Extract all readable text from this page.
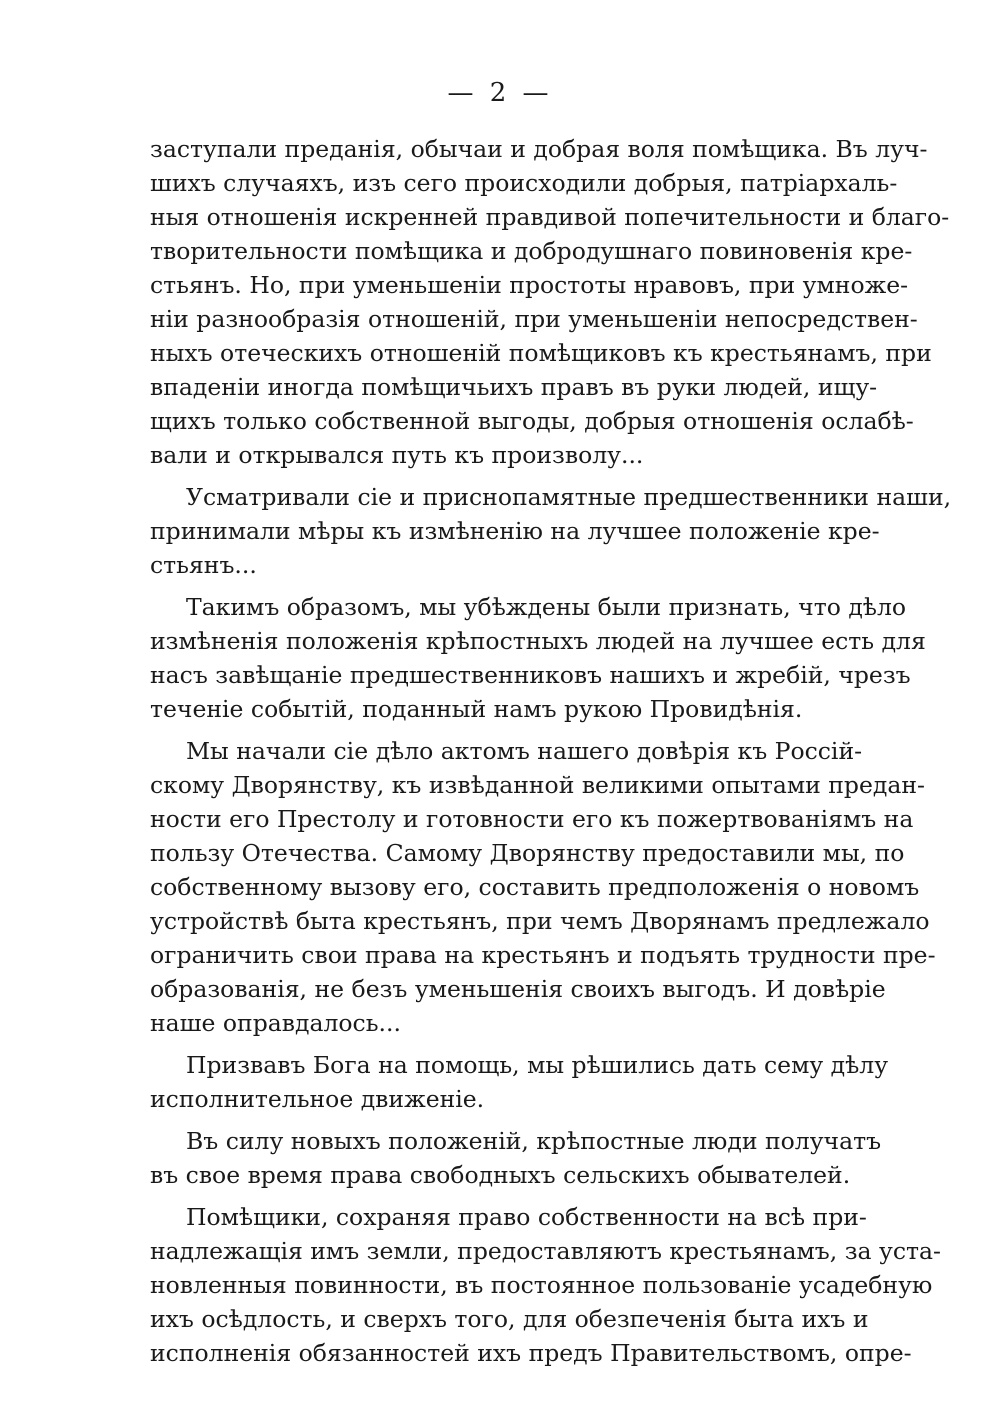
— 2 —
заступали преданія, обычаи и добрая воля помѣщика. Въ луч-
шихъ случаяхъ, изъ сего происходили добрыя, патріархаль-
ныя отношенія искренней правдивой попечительности и благо-
творительности помѣщика и добродушнаго повиновенія кре-
стьянъ. Но, при уменьшеніи простоты нравовъ, при умноже-
ніи разнообразія отношеній, при уменьшеніи непосредствен-
ныхъ отеческихъ отношеній помѣщиковъ къ крестьянамъ, при
впаденіи иногда помѣщичьихъ правъ въ руки людей, ищу-
щихъ только собственной выгоды, добрыя отношенія ослабѣ-
вали и открывался путь къ произволу...
Усматривали сіе и приснопамятные предшественники наши,
принимали мѣры къ измѣненію на лучшее положеніе кре-
стьянъ...
Такимъ образомъ, мы убѣждены были признать, что дѣло
измѣненія положенія крѣпостныхъ людей на лучшее есть для
насъ завѣщаніе предшественниковъ нашихъ и жребій, чрезъ
теченіе событій, поданный намъ рукою Провидѣнія.
Мы начали сіе дѣло актомъ нашего довѣрія къ Россій-
скому Дворянству, къ извѣданной великими опытами предан-
ности его Престолу и готовности его къ пожертвованіямъ на
пользу Отечества. Самому Дворянству предоставили мы, по
собственному вызову его, составить предположенія о новомъ
устройствѣ быта крестьянъ, при чемъ Дворянамъ предлежало
ограничить свои права на крестьянъ и подъять трудности пре-
образованія, не безъ уменьшенія своихъ выгодъ. И довѣріе
наше оправдалось...
Призвавъ Бога на помощь, мы рѣшились дать сему дѣлу
исполнительное движеніе.
Въ силу новыхъ положеній, крѣпостные люди получатъ
въ свое время права свободныхъ сельскихъ обывателей.
Помѣщики, сохраняя право собственности на всѣ при-
надлежащія имъ земли, предоставляютъ крестьянамъ, за уста-
новленныя повинности, въ постоянное пользованіе усадебную
ихъ осѣдлость, и сверхъ того, для обезпеченія быта ихъ и
исполненія обязанностей ихъ предъ Правительствомъ, опре-
